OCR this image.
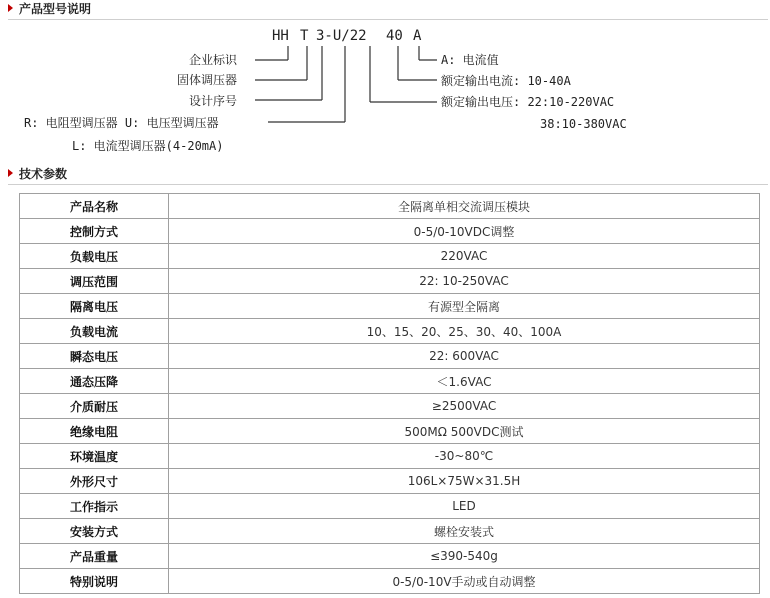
产品型号说明
HH T 3-U/22 40 A
企业标识
固体调压器
设计序号
R: 电阻型调压器 U: 电压型调压器
L: 电流型调压器(4-20mA)
A: 电流值
额定输出电流: 10-40A
额定输出电压: 22:10-220VAC
38:10-380VAC
技术参数
产品名称	全隔离单相交流调压模块
控制方式	0-5/0-10VDC调整
负载电压	220VAC
调压范围	22: 10-250VAC
隔离电压	有源型全隔离
负载电流	10、15、20、25、30、40、100A
瞬态电压	22: 600VAC
通态压降	＜1.6VAC
介质耐压	≥2500VAC
绝缘电阻	500MΩ 500VDC测试
环境温度	-30~80℃
外形尺寸	106L×75W×31.5H
工作指示	LED
安装方式	螺栓安装式
产品重量	≤390-540g
特别说明	0-5/0-10V手动或自动调整
